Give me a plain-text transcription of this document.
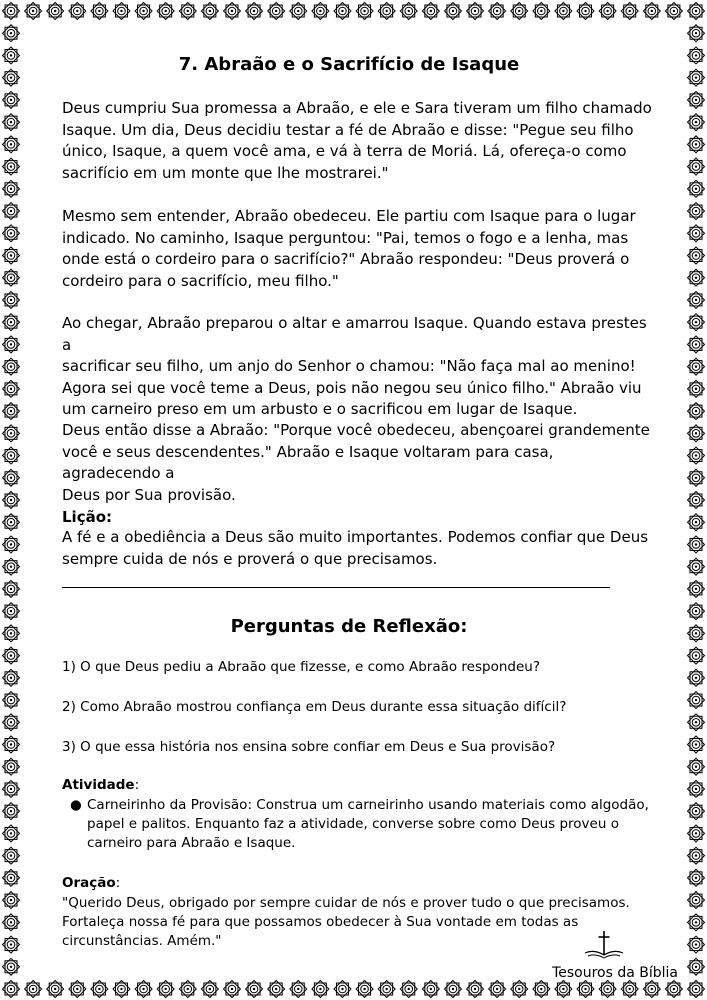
7. Abraão e o Sacrifício de Isaque
Deus cumpriu Sua promessa a Abraão, e ele e Sara tiveram um filho chamado
Isaque. Um dia, Deus decidiu testar a fé de Abraão e disse: "Pegue seu filho
único, Isaque, a quem você ama, e vá à terra de Moriá. Lá, ofereça-o como
sacrifício em um monte que lhe mostrarei."
Mesmo sem entender, Abraão obedeceu. Ele partiu com Isaque para o lugar
indicado. No caminho, Isaque perguntou: "Pai, temos o fogo e a lenha, mas
onde está o cordeiro para o sacrifício?" Abraão respondeu: "Deus proverá o
cordeiro para o sacrifício, meu filho."
Ao chegar, Abraão preparou o altar e amarrou Isaque. Quando estava prestes a
sacrificar seu filho, um anjo do Senhor o chamou: "Não faça mal ao menino!
Agora sei que você teme a Deus, pois não negou seu único filho." Abraão viu
um carneiro preso em um arbusto e o sacrificou em lugar de Isaque.
Deus então disse a Abraão: "Porque você obedeceu, abençoarei grandemente
você e seus descendentes." Abraão e Isaque voltaram para casa, agradecendo a
Deus por Sua provisão.
Lição:
A fé e a obediência a Deus são muito importantes. Podemos confiar que Deus
sempre cuida de nós e proverá o que precisamos.
Perguntas de Reflexão:
1) O que Deus pediu a Abraão que fizesse, e como Abraão respondeu?
2) Como Abraão mostrou confiança em Deus durante essa situação difícil?
3) O que essa história nos ensina sobre confiar em Deus e Sua provisão?
Atividade:
● Carneirinho da Provisão: Construa um carneirinho usando materiais como algodão, papel e palitos. Enquanto faz a atividade, converse sobre como Deus proveu o carneiro para Abraão e Isaque.
Oração:
"Querido Deus, obrigado por sempre cuidar de nós e prover tudo o que precisamos. Fortaleça nossa fé para que possamos obedecer à Sua vontade em todas as circunstâncias. Amém."
Tesouros da Bíblia
